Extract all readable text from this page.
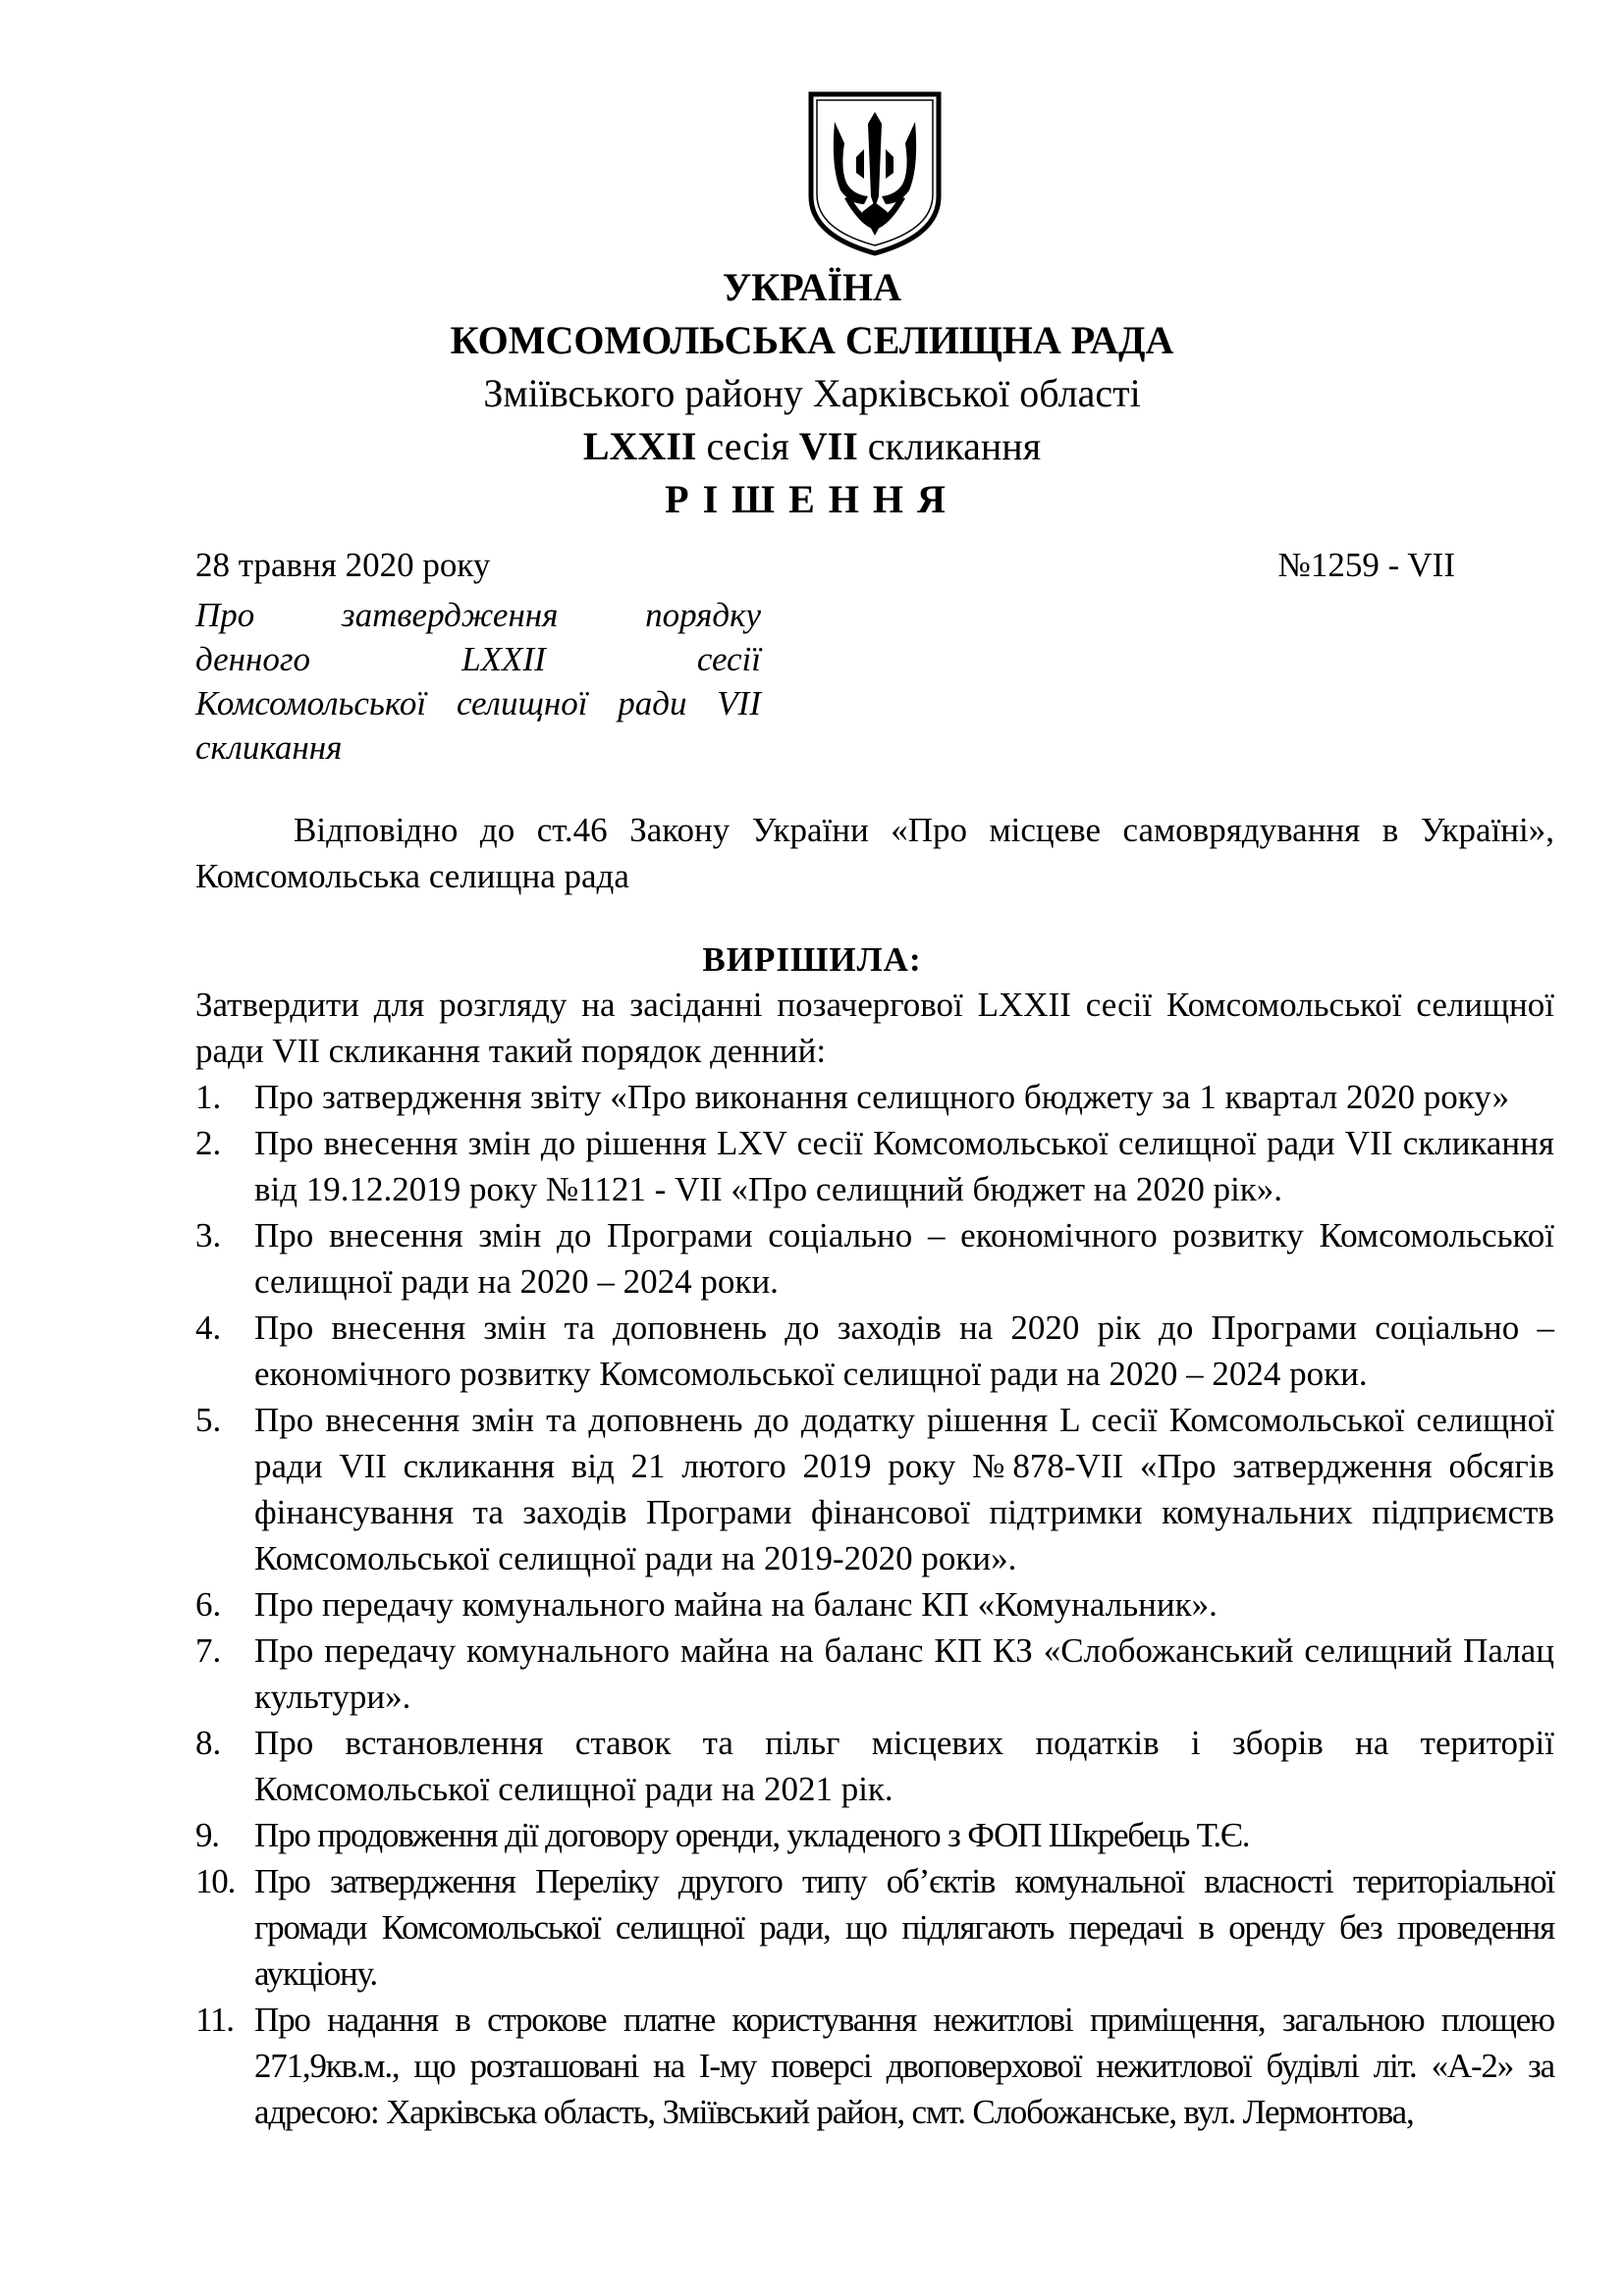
УКРАЇНА
КОМСОМОЛЬСЬКА СЕЛИЩНА РАДА
Зміївського району Харківської області
LXXII сесія VII скликання
РІШЕННЯ
28 травня 2020 року	№1259 - VII
Про затвердження порядку
денного LXXII сесії
Комсомольської селищної ради VII
скликання
Відповідно до ст.46 Закону України «Про місцеве самоврядування в Україні», Комсомольська селищна рада
ВИРІШИЛА:
Затвердити для розгляду на засіданні позачергової LXXII сесії Комсомольської селищної ради VII скликання такий порядок денний:
1. Про затвердження звіту «Про виконання селищного бюджету за 1 квартал 2020 року»
2. Про внесення змін до рішення LXV сесії Комсомольської селищної ради VII скликання від 19.12.2019 року №1121 - VII «Про селищний бюджет на 2020 рік».
3. Про внесення змін до Програми соціально – економічного розвитку Комсомольської селищної ради на 2020 – 2024 роки.
4. Про внесення змін та доповнень до заходів на 2020 рік до Програми соціально – економічного розвитку Комсомольської селищної ради на 2020 – 2024 роки.
5. Про внесення змін та доповнень до додатку рішення L сесії Комсомольської селищної ради VII скликання від 21 лютого 2019 року №878-VII «Про затвердження обсягів фінансування та заходів Програми фінансової підтримки комунальних підприємств Комсомольської селищної ради на 2019-2020 роки».
6. Про передачу комунального майна на баланс КП «Комунальник».
7. Про передачу комунального майна на баланс КП КЗ «Слобожанський селищний Палац культури».
8. Про встановлення ставок та пільг місцевих податків і зборів на території Комсомольської селищної ради на 2021 рік.
9. Про продовження дії договору оренди, укладеного з ФОП Шкребець Т.Є.
10. Про затвердження Переліку другого типу об’єктів комунальної власності територіальної громади Комсомольської селищної ради, що підлягають передачі в оренду без проведення аукціону.
11. Про надання в строкове платне користування нежитлові приміщення, загальною площею 271,9кв.м., що розташовані на I-му поверсі двоповерхової нежитлової будівлі літ. «А-2» за адресою: Харківська область, Зміївський район, смт. Слобожанське, вул. Лермонтова,
